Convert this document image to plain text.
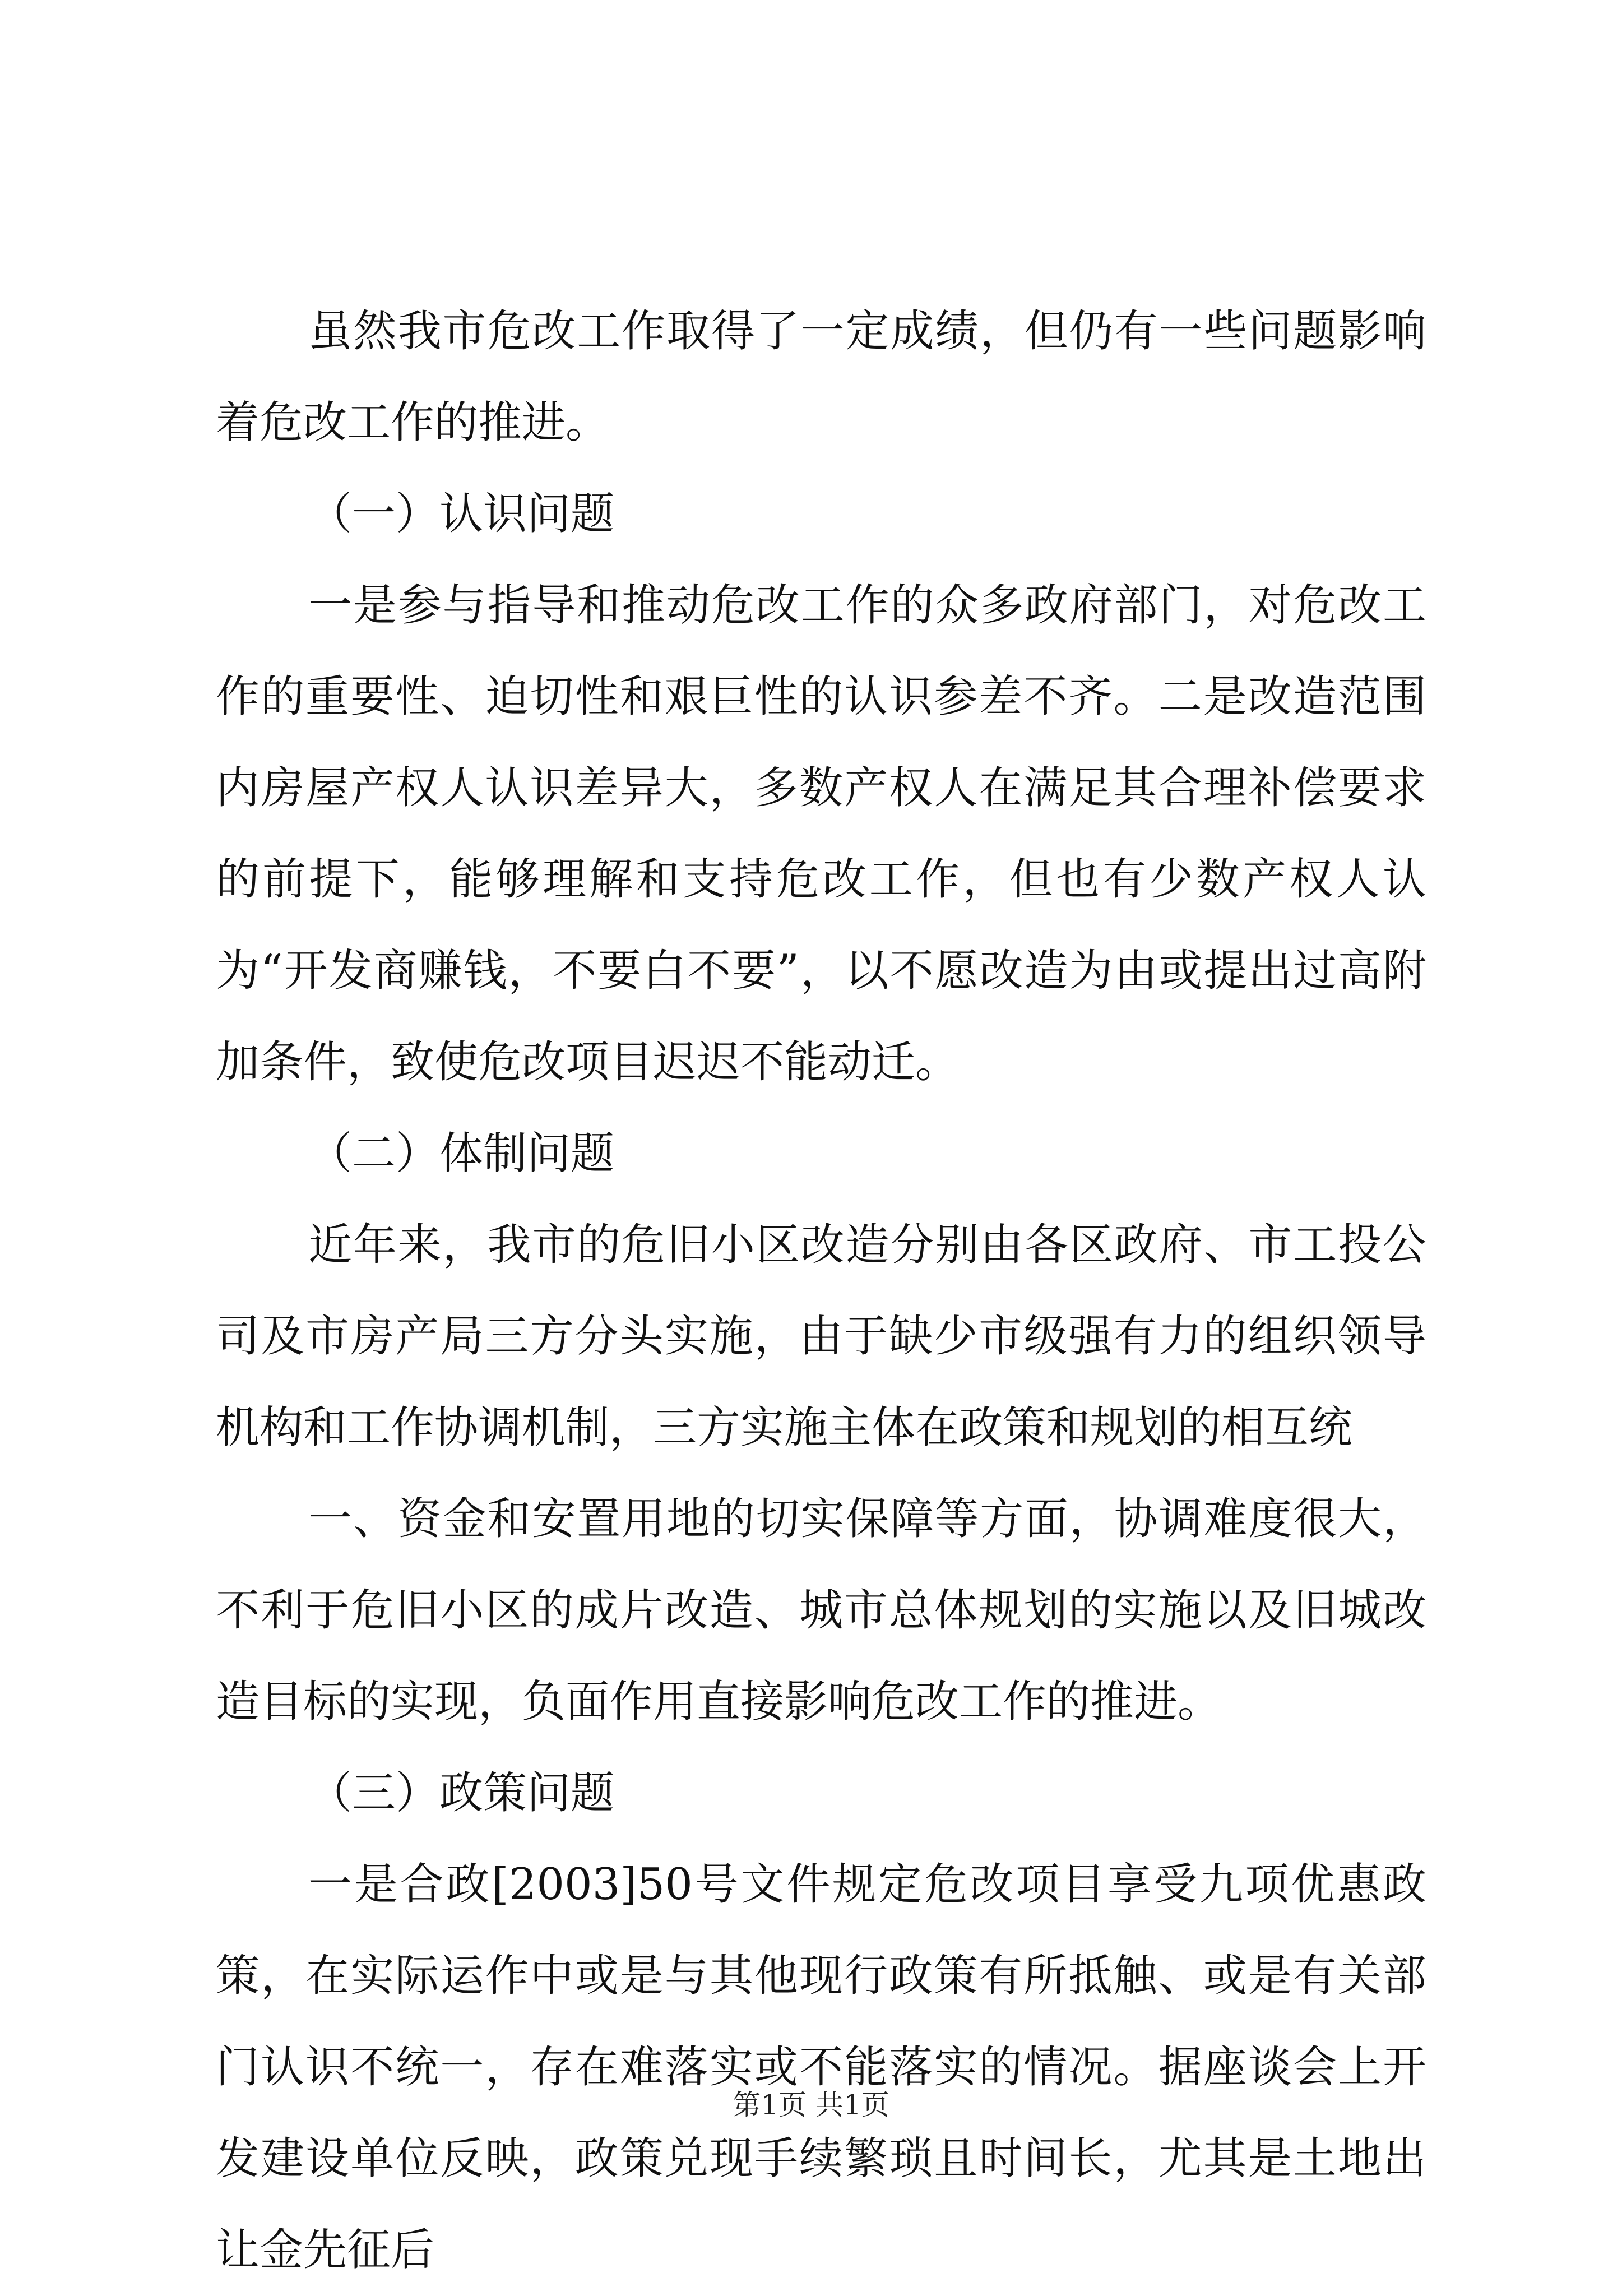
虽然我市危改工作取得了一定成绩，但仍有一些问题影响着危改工作的推进。

（一）认识问题

一是参与指导和推动危改工作的众多政府部门，对危改工作的重要性、迫切性和艰巨性的认识参差不齐。二是改造范围内房屋产权人认识差异大，多数产权人在满足其合理补偿要求的前提下，能够理解和支持危改工作，但也有少数产权人认为“开发商赚钱，不要白不要”，以不愿改造为由或提出过高附加条件，致使危改项目迟迟不能动迁。

（二）体制问题

近年来，我市的危旧小区改造分别由各区政府、市工投公司及市房产局三方分头实施，由于缺少市级强有力的组织领导机构和工作协调机制，三方实施主体在政策和规划的相互统

一、资金和安置用地的切实保障等方面，协调难度很大，不利于危旧小区的成片改造、城市总体规划的实施以及旧城改造目标的实现，负面作用直接影响危改工作的推进。

（三）政策问题

一是合政[2003]50号文件规定危改项目享受九项优惠政策，在实际运作中或是与其他现行政策有所抵触、或是有关部门认识不统一，存在难落实或不能落实的情况。据座谈会上开发建设单位反映，政策兑现手续繁琐且时间长，尤其是土地出让金先征后

第1页 共1页
